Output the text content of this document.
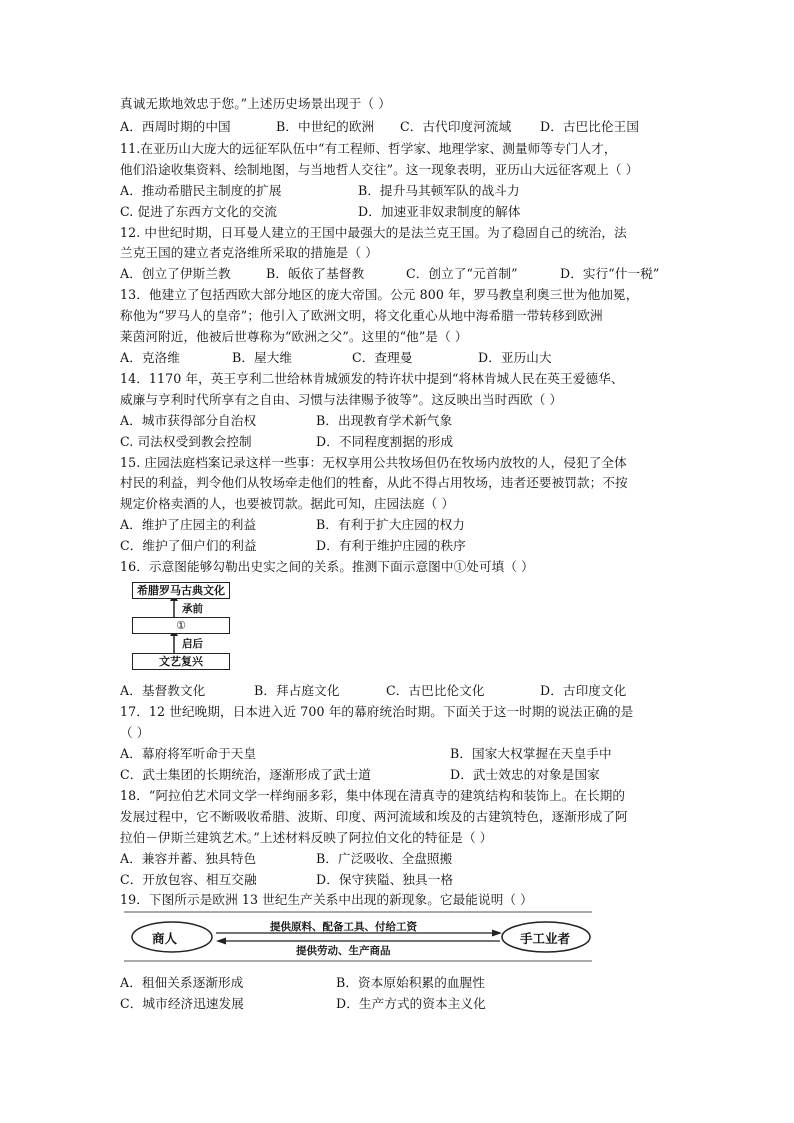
真诚无欺地效忠于您。”上述历史场景出现于（ ）
A．西周时期的中国	B．中世纪的欧洲 C．古代印度河流域 D．古巴比伦王国
11.在亚历山大庞大的远征军队伍中“有工程师、哲学家、地理学家、测量师等专门人才，
他们沿途收集资料、绘制地图，与当地哲人交往”。这一现象表明，亚历山大远征客观上（ ）
A．推动希腊民主制度的扩展	B．提升马其顿军队的战斗力
C. 促进了东西方文化的交流	D．加速亚非奴隶制度的解体
12. 中世纪时期，日耳曼人建立的王国中最强大的是法兰克王国。为了稳固自己的统治，法
兰克王国的建立者克洛维所采取的措施是（ ）
A．创立了伊斯兰教	B．皈依了基督教	C．创立了“元首制”	D．实行“什一税”
13．他建立了包括西欧大部分地区的庞大帝国。公元 800 年，罗马教皇利奥三世为他加冕，
称他为“罗马人的皇帝”；他引入了欧洲文明，将文化重心从地中海希腊一带转移到欧洲
莱茵河附近，他被后世尊称为“欧洲之父”。这里的“他”是（ ）
A．克洛维	B．屋大维	C．查理曼	D．亚历山大
14．1170 年，英王亨利二世给林肯城颁发的特许状中提到“将林肯城人民在英王爱德华、
威廉与亨利时代所享有之自由、习惯与法律赐予彼等”。这反映出当时西欧（ ）
A．城市获得部分自治权	B．出现教育学术新气象
C. 司法权受到教会控制	D．不同程度割据的形成
15. 庄园法庭档案记录这样一些事：无权享用公共牧场但仍在牧场内放牧的人，侵犯了全体
村民的利益，判令他们从牧场牵走他们的牲畜，从此不得占用牧场，违者还要被罚款；不按
规定价格卖酒的人，也要被罚款。据此可知，庄园法庭（ ）
A．维护了庄园主的利益	B．有利于扩大庄园的权力
C．维护了佃户们的利益	D．有利于维护庄园的秩序
16．示意图能够勾勒出史实之间的关系。推测下面示意图中①处可填（ ）
希腊罗马古典文化
承前
①
启后
文艺复兴
A．基督教文化	B．拜占庭文化	C．古巴比伦文化	D．古印度文化
17．12 世纪晚期，日本进入近 700 年的幕府统治时期。下面关于这一时期的说法正确的是
（ ）
A．幕府将军听命于天皇	B．国家大权掌握在天皇手中
C．武士集团的长期统治，逐渐形成了武士道	D．武士效忠的对象是国家
18．“阿拉伯艺术同文学一样绚丽多彩，集中体现在清真寺的建筑结构和装饰上。在长期的
发展过程中，它不断吸收希腊、波斯、印度、两河流域和埃及的古建筑特色，逐渐形成了阿
拉伯－伊斯兰建筑艺术。”上述材料反映了阿拉伯文化的特征是（ ）
A．兼容并蓄、独具特色	B．广泛吸收、全盘照搬
C．开放包容、相互交融	D．保守狭隘、独具一格
19．下图所示是欧洲 13 世纪生产关系中出现的新现象。它最能说明（ ）
商人	手工业者
提供原料、配备工具、付给工资
提供劳动、生产商品
A．租佃关系逐渐形成	B．资本原始积累的血腥性
C．城市经济迅速发展	D．生产方式的资本主义化
